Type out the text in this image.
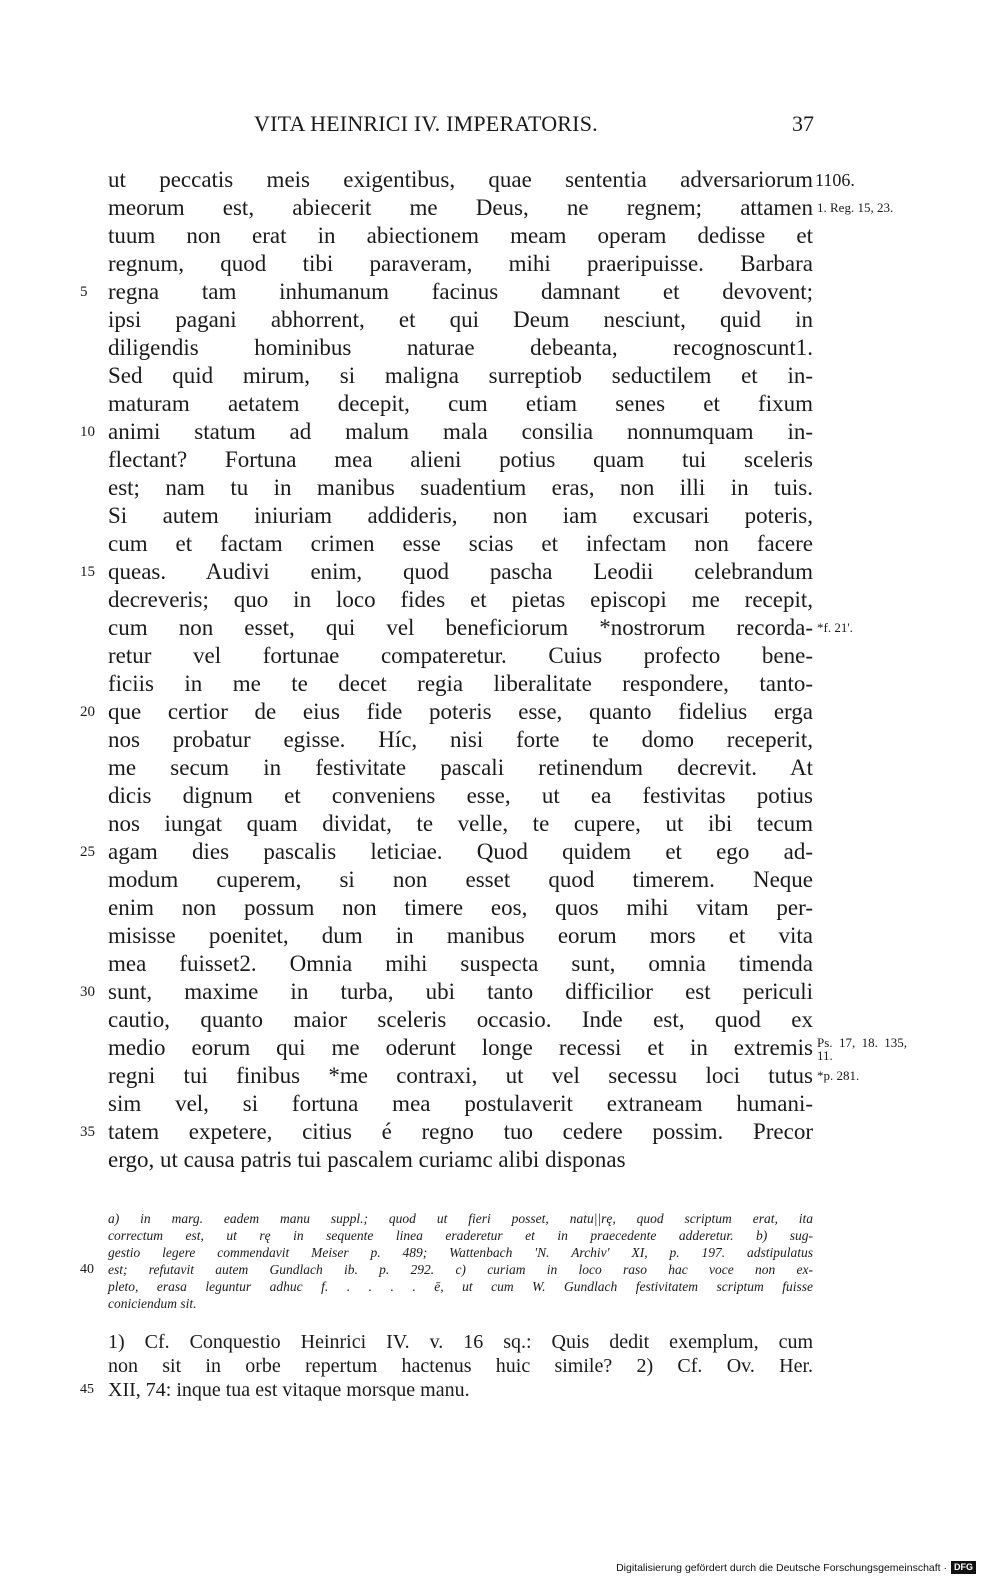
VITA HEINRICI IV. IMPERATORIS.	37
ut peccatis meis exigentibus, quae sententia adversariorum 1106.
meorum est, abiecerit me Deus, ne regnem; attamen 1. Reg. 15, 23.
tuum non erat in abiectionem meam operam dedisse et
regnum, quod tibi paraveram, mihi praeripuisse. Barbara
5 regna tam inhumanum facinus damnant et devovent;
ipsi pagani abhorrent, et qui Deum nesciunt, quid in
diligendis hominibus naturae debeanta, recognoscunt1.
Sed quid mirum, si maligna surreptiob seductilem et in-
maturam aetatem decepit, cum etiam senes et fixum
10 animi statum ad malum mala consilia nonnumquam in-
flectant? Fortuna mea alieni potius quam tui sceleris
est; nam tu in manibus suadentium eras, non illi in tuis.
Si autem iniuriam addideris, non iam excusari poteris,
cum et factam crimen esse scias et infectam non facere
15 queas. Audivi enim, quod pascha Leodii celebrandum
decreveris; quo in loco fides et pietas episcopi me recepit,
cum non esset, qui vel beneficiorum *nostrorum recorda- *f. 21'.
retur vel fortunae compateretur. Cuius profecto bene-
ficiis in me te decet regia liberalitate respondere, tanto-
20 que certior de eius fide poteris esse, quanto fidelius erga
nos probatur egisse. Híc, nisi forte te domo receperit,
me secum in festivitate pascali retinendum decrevit. At
dicis dignum et conveniens esse, ut ea festivitas potius
nos iungat quam dividat, te velle, te cupere, ut ibi tecum
25 agam dies pascalis leticiae. Quod quidem et ego ad-
modum cuperem, si non esset quod timerem. Neque
enim non possum non timere eos, quos mihi vitam per-
misisse poenitet, dum in manibus eorum mors et vita
mea fuisset2. Omnia mihi suspecta sunt, omnia timenda
30 sunt, maxime in turba, ubi tanto difficilior est periculi
cautio, quanto maior sceleris occasio. Inde est, quod ex
medio eorum qui me oderunt longe recessi et in extremis Ps. 17, 18. 135, 11.
regni tui finibus *me contraxi, ut vel secessu loci tutus *p. 281.
sim vel, si fortuna mea postulaverit extraneam humani-
35 tatem expetere, citius é regno tuo cedere possim. Precor
ergo, ut causa patris tui pascalem curiamc alibi disponas
a) in marg. eadem manu suppl.; quod ut fieri posset, natu||rę, quod scriptum erat, ita
correctum est, ut rę in sequente linea eraderetur et in praecedente adderetur. b) sug-
gestio legere commendavit Meiser p. 489; Wattenbach 'N. Archiv' XI, p. 197. adstipulatus
40	est; refutavit autem Gundlach ib. p. 292. c) curiam in loco raso hac voce non ex-
pleto, erasa leguntur adhuc f. . . . . ē, ut cum W. Gundlach festivitatem scriptum fuisse
coniciendum sit.
1) Cf. Conquestio Heinrici IV. v. 16 sq.: Quis dedit exemplum, cum
non sit in orbe repertum hactenus huic simile? 2) Cf. Ov. Her.
45 XII, 74: inque tua est vitaque morsque manu.
Digitalisierung gefördert durch die Deutsche Forschungsgemeinschaft · DFG
